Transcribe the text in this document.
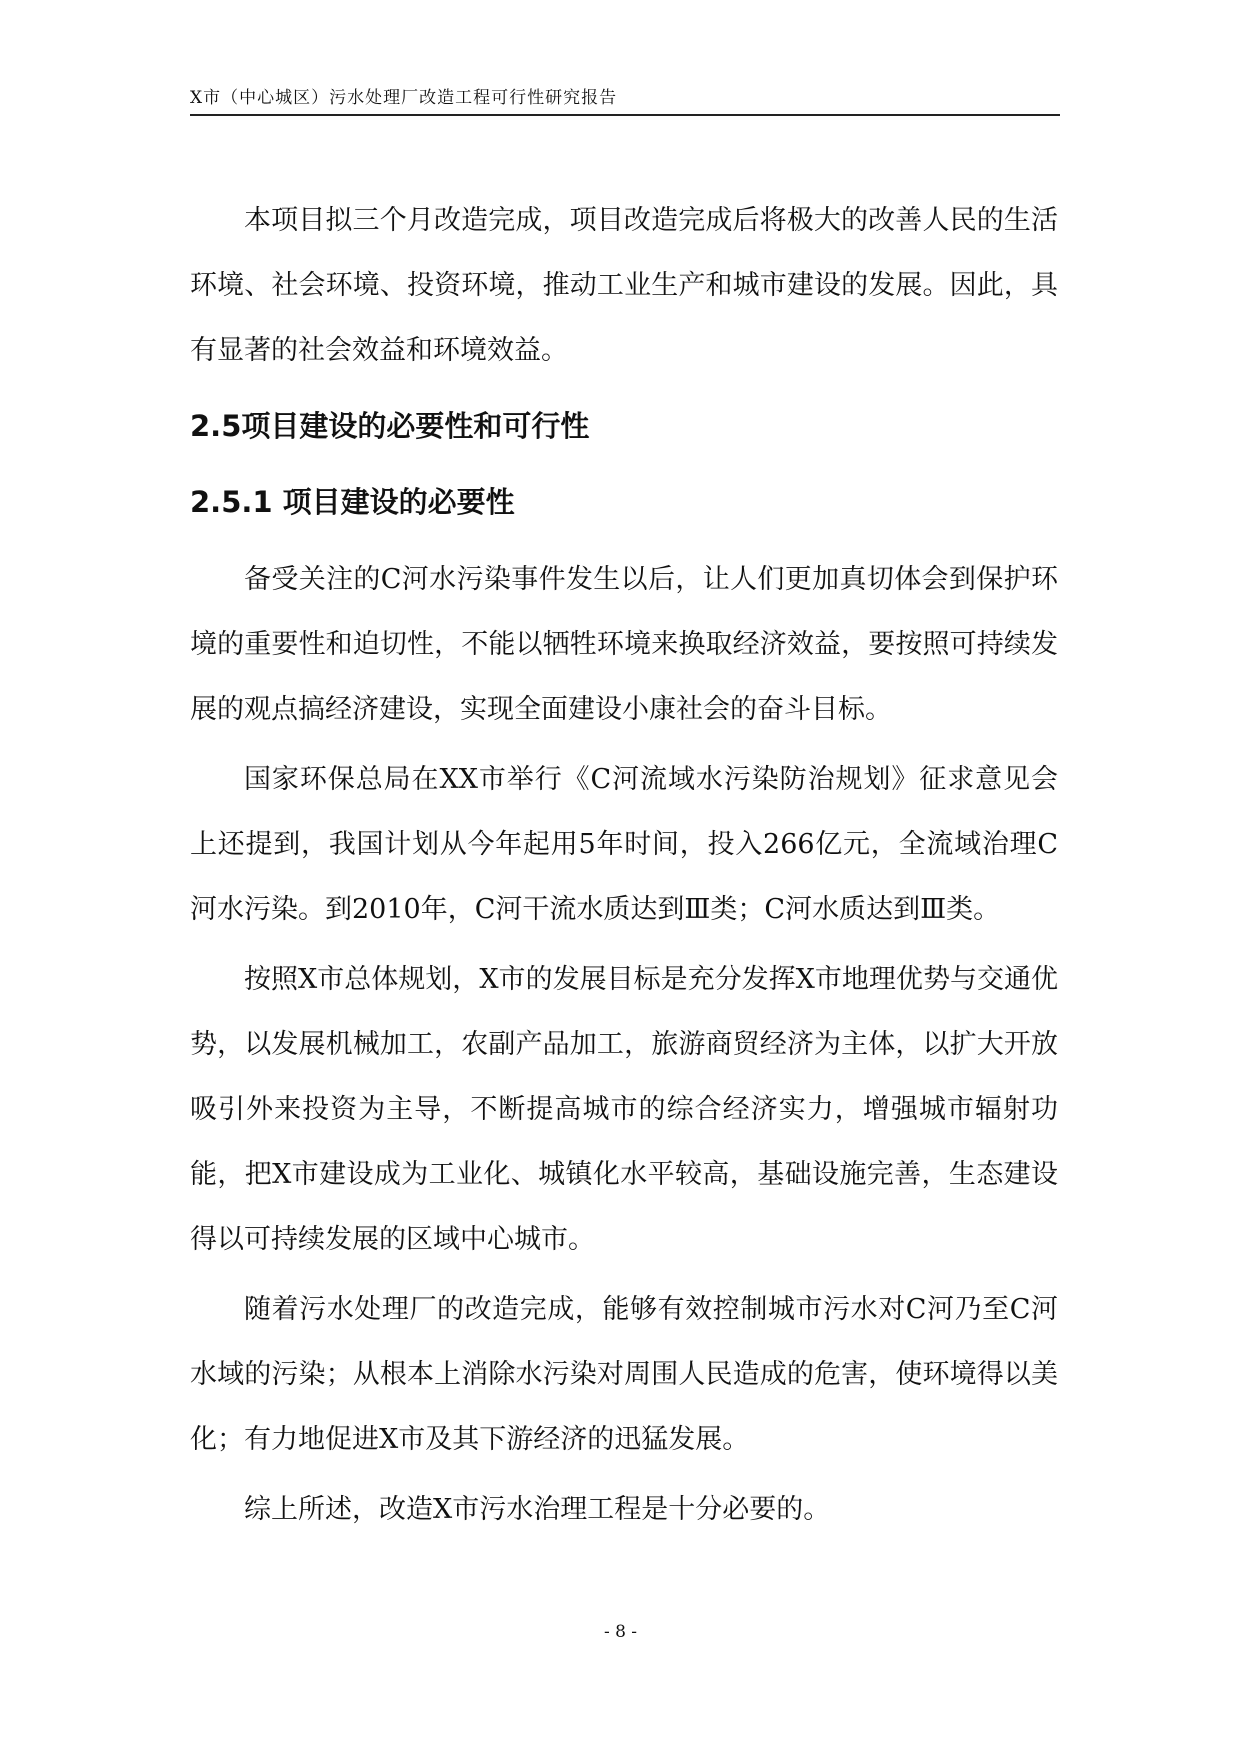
X市（中心城区）污水处理厂改造工程可行性研究报告

本项目拟三个月改造完成，项目改造完成后将极大的改善人民的生活环境、社会环境、投资环境，推动工业生产和城市建设的发展。因此，具有显著的社会效益和环境效益。

2.5项目建设的必要性和可行性
2.5.1 项目建设的必要性

备受关注的C河水污染事件发生以后，让人们更加真切体会到保护环境的重要性和迫切性，不能以牺牲环境来换取经济效益，要按照可持续发展的观点搞经济建设，实现全面建设小康社会的奋斗目标。

国家环保总局在XX市举行《C河流域水污染防治规划》征求意见会上还提到，我国计划从今年起用5年时间，投入266亿元，全流域治理C河水污染。到2010年，C河干流水质达到Ⅲ类；C河水质达到Ⅲ类。

按照X市总体规划，X市的发展目标是充分发挥X市地理优势与交通优势，以发展机械加工，农副产品加工，旅游商贸经济为主体，以扩大开放吸引外来投资为主导，不断提高城市的综合经济实力，增强城市辐射功能，把X市建设成为工业化、城镇化水平较高，基础设施完善，生态建设得以可持续发展的区域中心城市。

随着污水处理厂的改造完成，能够有效控制城市污水对C河乃至C河水域的污染；从根本上消除水污染对周围人民造成的危害，使环境得以美化；有力地促进X市及其下游经济的迅猛发展。

综上所述，改造X市污水治理工程是十分必要的。

- 8 -
